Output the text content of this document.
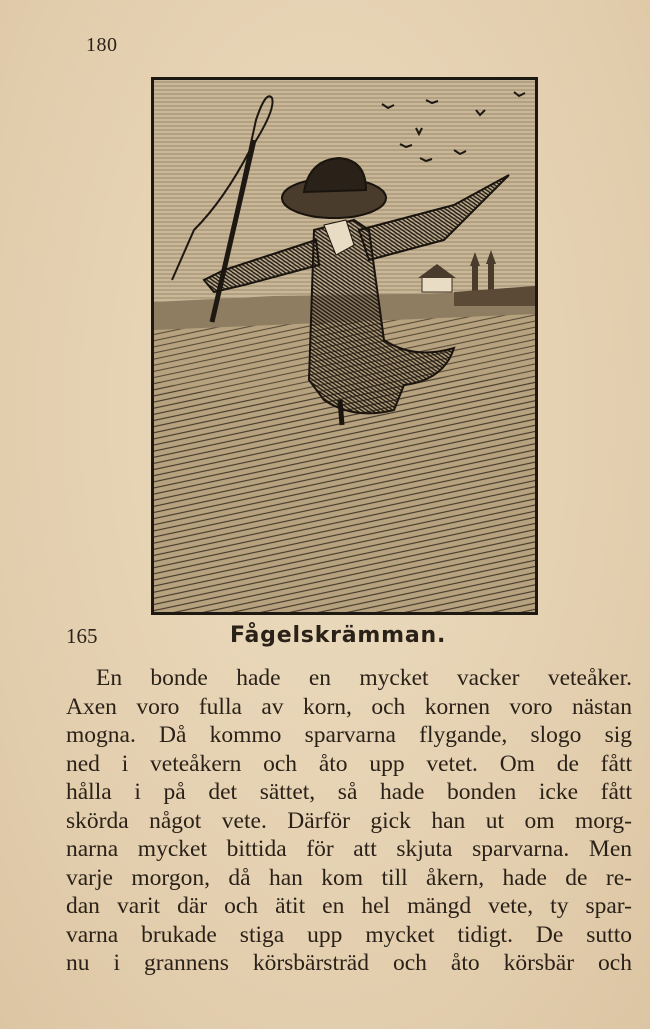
180
165	Fågelskrämman.
En bonde hade en mycket vacker veteåker.
Axen voro fulla av korn, och kornen voro nästan
mogna. Då kommo sparvarna flygande, slogo sig
ned i veteåkern och åto upp vetet. Om de fått
hålla i på det sättet, så hade bonden icke fått
skörda något vete. Därför gick han ut om morg-
narna mycket bittida för att skjuta sparvarna. Men
varje morgon, då han kom till åkern, hade de re-
dan varit där och ätit en hel mängd vete, ty spar-
varna brukade stiga upp mycket tidigt. De sutto
nu i grannens körsbärsträd och åto körsbär och
